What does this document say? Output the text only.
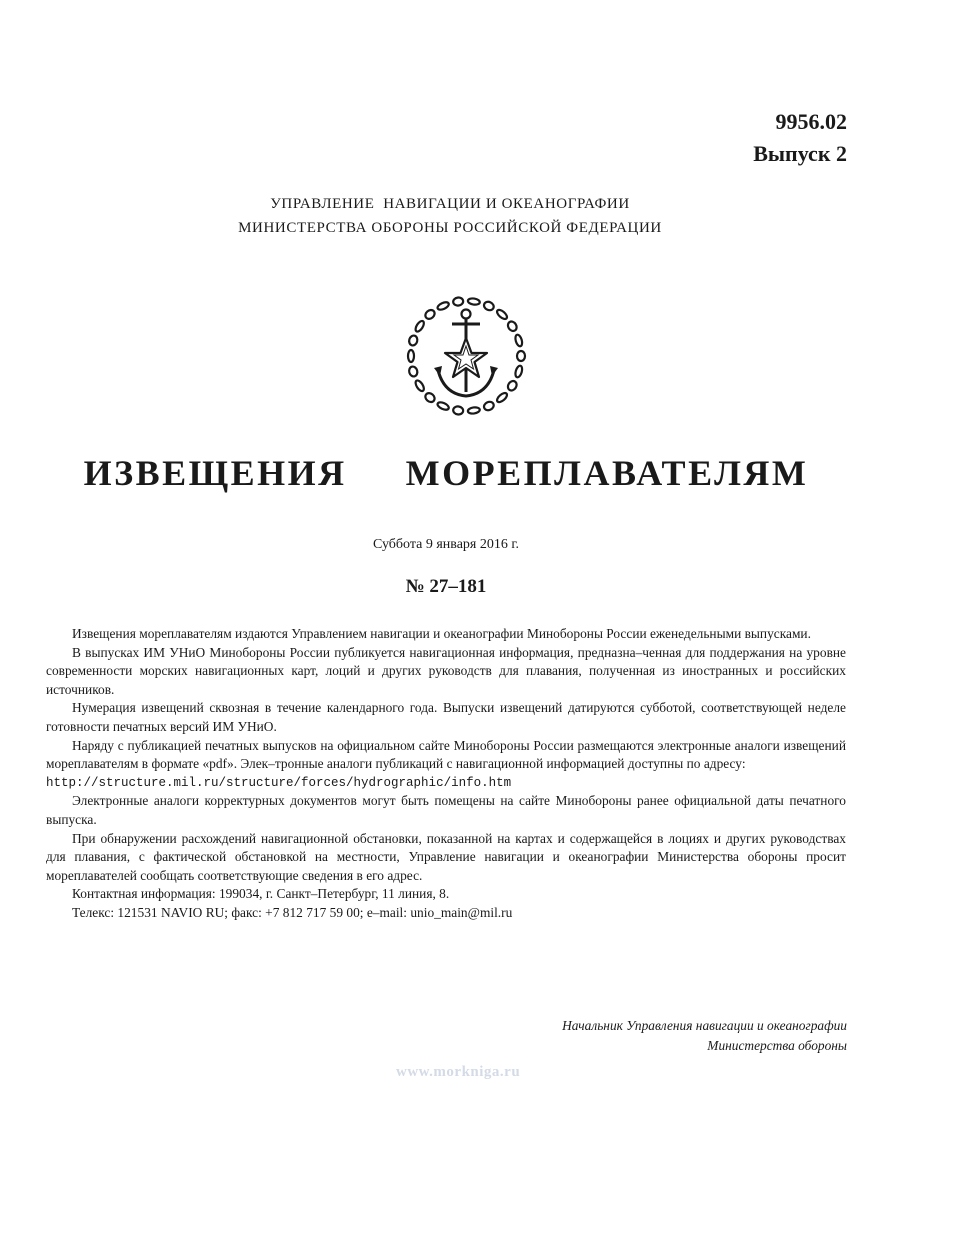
9956.02
Выпуск 2
УПРАВЛЕНИЕ  НАВИГАЦИИ И ОКЕАНОГРАФИИ
МИНИСТЕРСТВА ОБОРОНЫ РОССИЙСКОЙ ФЕДЕРАЦИИ
ИЗВЕЩЕНИЯ  МОРЕПЛАВАТЕЛЯМ
Суббота 9 января 2016 г.
№ 27–181

Извещения мореплавателям издаются Управлением навигации и океанографии Минобороны России еженедельными выпусками.

В выпусках ИМ УНиО Минобороны России публикуется навигационная информация, предназна–ченная для поддержания на уровне современности морских навигационных карт, лоций и других руководств для плавания, полученная из иностранных и российских источников.

Нумерация извещений сквозная в течение календарного года. Выпуски извещений датируются субботой, соответствующей неделе готовности печатных версий ИМ УНиО.

Наряду с публикацией печатных выпусков на официальном сайте Минобороны России размещаются электронные аналоги извещений мореплавателям в формате «pdf». Элек–тронные аналоги публикаций с навигационной информацией доступны по адресу:

http://structure.mil.ru/structure/forces/hydrographic/info.htm

Электронные аналоги корректурных документов могут быть помещены на сайте Минобороны ранее официальной даты печатного выпуска.

При обнаружении расхождений навигационной обстановки, показанной на картах и содержащейся в лоциях и других руководствах для плавания, с фактической обстановкой на местности, Управление навигации и океанографии Министерства обороны просит мореплавателей сообщать соответствующие сведения в его адрес.

Контактная информация: 199034, г. Санкт–Петербург, 11 линия, 8.

Телекс: 121531 NAVIO RU; факс: +7 812 717 59 00; e–mail: unio_main@mil.ru

Начальник Управления навигации и океанографии
Министерства обороны
www.morkniga.ru
